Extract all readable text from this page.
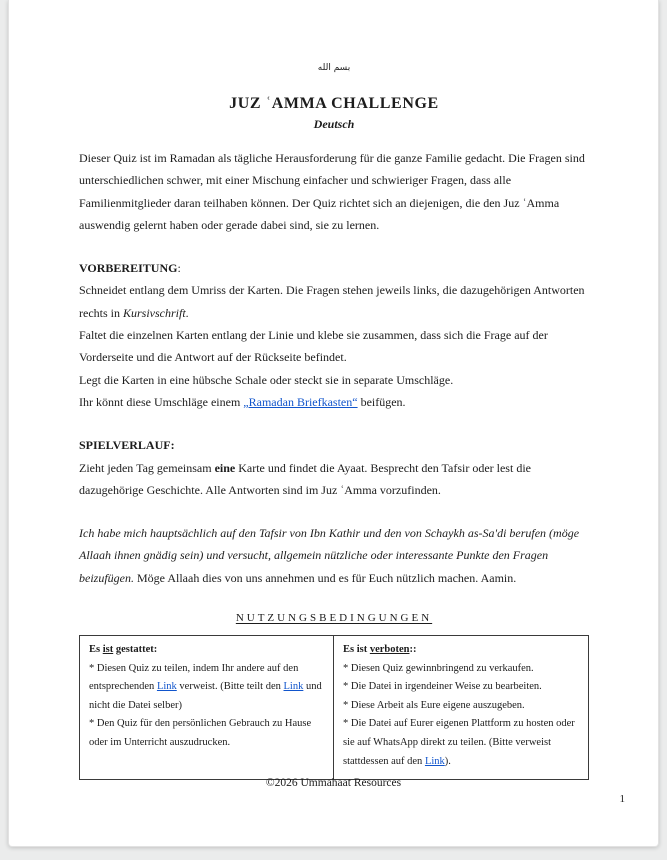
بسم الله
JUZ ʿAMMA CHALLENGE
Deutsch

Dieser Quiz ist im Ramadan als tägliche Herausforderung für die ganze Familie gedacht. Die Fragen sind unterschiedlichen schwer, mit einer Mischung einfacher und schwieriger Fragen, dass alle Familienmitglieder daran teilhaben können. Der Quiz richtet sich an diejenigen, die den Juz ʿAmma auswendig gelernt haben oder gerade dabei sind, sie zu lernen.

VORBEREITUNG:

Schneidet entlang dem Umriss der Karten. Die Fragen stehen jeweils links, die dazugehörigen Antworten rechts in Kursivschrift.

Faltet die einzelnen Karten entlang der Linie und klebe sie zusammen, dass sich die Frage auf der Vorderseite und die Antwort auf der Rückseite befindet.

Legt die Karten in eine hübsche Schale oder steckt sie in separate Umschläge.

Ihr könnt diese Umschläge einem „Ramadan Briefkasten“ beifügen.

SPIELVERLAUF:

Zieht jeden Tag gemeinsam eine Karte und findet die Ayaat. Besprecht den Tafsir oder lest die dazugehörige Geschichte. Alle Antworten sind im Juz ʿAmma vorzufinden.

Ich habe mich hauptsächlich auf den Tafsir von Ibn Kathir und den von Schaykh as-Sa'di berufen (möge Allaah ihnen gnädig sein) und versucht, allgemein nützliche oder interessante Punkte den Fragen beizufügen. Möge Allaah dies von uns annehmen und es für Euch nützlich machen. Aamin.

NUTZUNGSBEDINGUNGEN

Es ist gestattet:

* Diesen Quiz zu teilen, indem Ihr andere auf den entsprechenden Link verweist. (Bitte teilt den Link und nicht die Datei selber)

* Den Quiz für den persönlichen Gebrauch zu Hause oder im Unterricht auszudrucken.

Es ist verboten::

* Diesen Quiz gewinnbringend zu verkaufen.

* Die Datei in irgendeiner Weise zu bearbeiten.

* Diese Arbeit als Eure eigene auszugeben.

* Die Datei auf Eurer eigenen Plattform zu hosten oder sie auf WhatsApp direkt zu teilen. (Bitte verweist stattdessen auf den Link).

©2026 Ummahaat Resources
1
